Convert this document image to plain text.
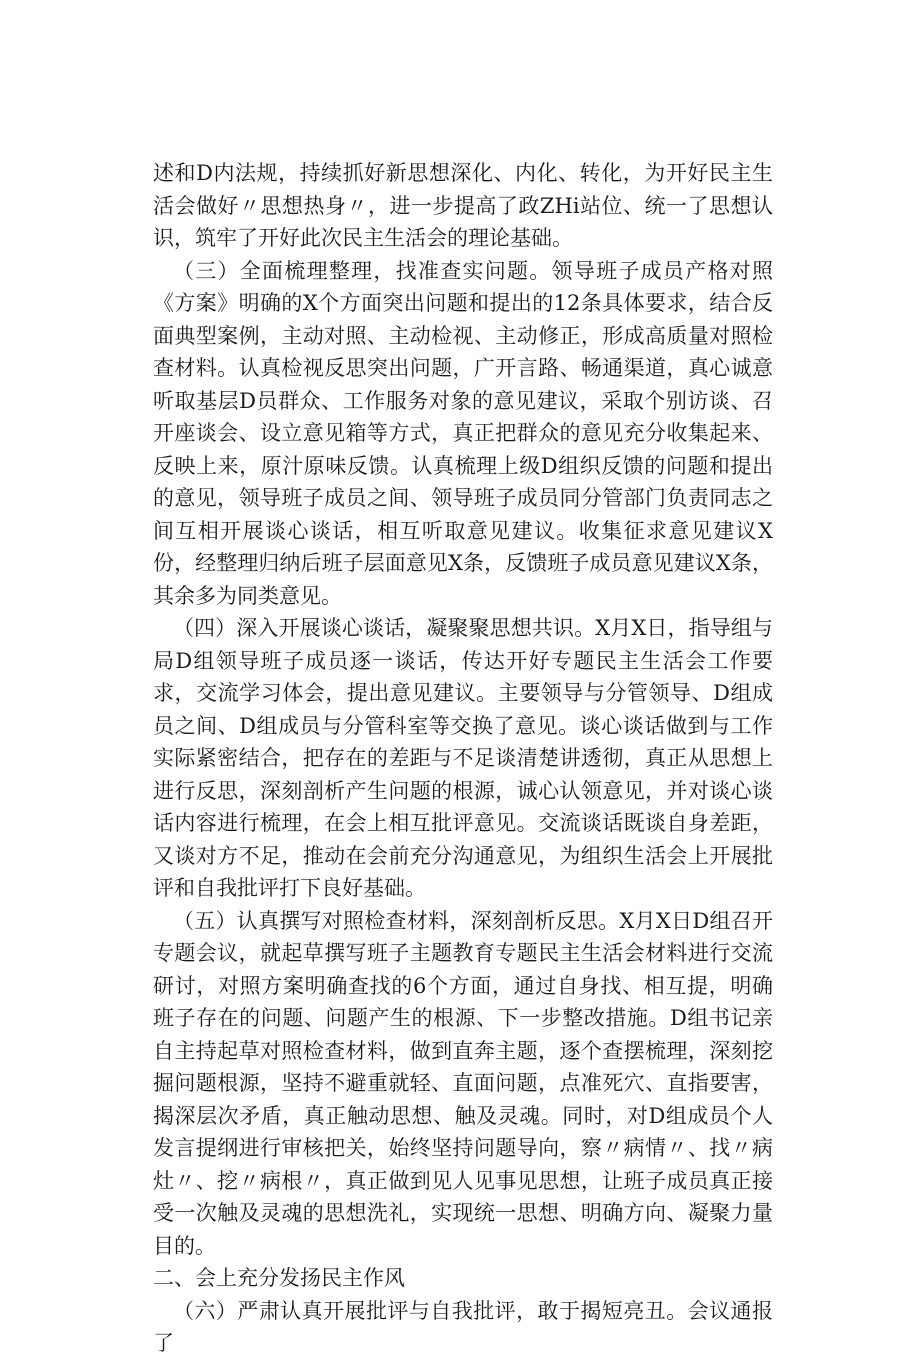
述和D内法规，持续抓好新思想深化、内化、转化，为开好民主生活会做好〃思想热身〃，进一步提高了政ZHi站位、统一了思想认识，筑牢了开好此次民主生活会的理论基础。

（三）全面梳理整理，找准查实问题。领导班子成员产格对照《方案》明确的X个方面突出问题和提出的12条具体要求，结合反面典型案例，主动对照、主动检视、主动修正，形成高质量对照检查材料。认真检视反思突出问题，广开言路、畅通渠道，真心诚意听取基层D员群众、工作服务对象的意见建议，采取个别访谈、召开座谈会、设立意见箱等方式，真正把群众的意见充分收集起来、反映上来，原汁原味反馈。认真梳理上级D组织反馈的问题和提出的意见，领导班子成员之间、领导班子成员同分管部门负责同志之间互相开展谈心谈话，相互听取意见建议。收集征求意见建议X份，经整理归纳后班子层面意见X条，反馈班子成员意见建议X条，其余多为同类意见。

（四）深入开展谈心谈话，凝聚聚思想共识。X月X日，指导组与局D组领导班子成员逐一谈话，传达开好专题民主生活会工作要求，交流学习体会，提出意见建议。主要领导与分管领导、D组成员之间、D组成员与分管科室等交换了意见。谈心谈话做到与工作实际紧密结合，把存在的差距与不足谈清楚讲透彻，真正从思想上进行反思，深刻剖析产生问题的根源，诚心认领意见，并对谈心谈话内容进行梳理，在会上相互批评意见。交流谈话既谈自身差距，又谈对方不足，推动在会前充分沟通意见，为组织生活会上开展批评和自我批评打下良好基础。

（五）认真撰写对照检查材料，深刻剖析反思。X月X日D组召开专题会议，就起草撰写班子主题教育专题民主生活会材料进行交流研讨，对照方案明确查找的6个方面，通过自身找、相互提，明确班子存在的问题、问题产生的根源、下一步整改措施。D组书记亲自主持起草对照检查材料，做到直奔主题，逐个查摆梳理，深刻挖掘问题根源，坚持不避重就轻、直面问题，点准死穴、直指要害，揭深层次矛盾，真正触动思想、触及灵魂。同时，对D组成员个人发言提纲进行审核把关，始终坚持问题导向，察〃病情〃、找〃病灶〃、挖〃病根〃，真正做到见人见事见思想，让班子成员真正接受一次触及灵魂的思想洗礼，实现统一思想、明确方向、凝聚力量目的。

二、会上充分发扬民主作风

（六）严肃认真开展批评与自我批评，敢于揭短亮丑。会议通报了
